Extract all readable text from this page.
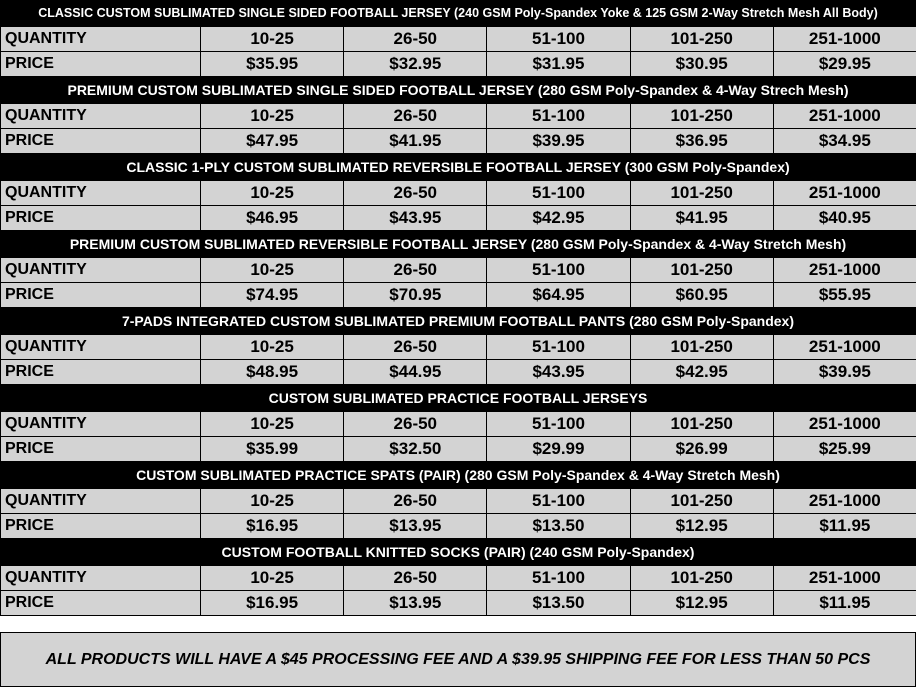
CLASSIC CUSTOM SUBLIMATED SINGLE SIDED FOOTBALL JERSEY (240 GSM Poly-Spandex Yoke & 125 GSM 2-Way Stretch Mesh All Body)
QUANTITY	10-25	26-50	51-100	101-250	251-1000
PRICE	$35.95	$32.95	$31.95	$30.95	$29.95
PREMIUM CUSTOM SUBLIMATED SINGLE SIDED FOOTBALL JERSEY (280 GSM Poly-Spandex & 4-Way Strech Mesh)
QUANTITY	10-25	26-50	51-100	101-250	251-1000
PRICE	$47.95	$41.95	$39.95	$36.95	$34.95
CLASSIC 1-PLY CUSTOM SUBLIMATED REVERSIBLE FOOTBALL JERSEY (300 GSM Poly-Spandex)
QUANTITY	10-25	26-50	51-100	101-250	251-1000
PRICE	$46.95	$43.95	$42.95	$41.95	$40.95
PREMIUM CUSTOM SUBLIMATED REVERSIBLE FOOTBALL JERSEY (280 GSM Poly-Spandex & 4-Way Stretch Mesh)
QUANTITY	10-25	26-50	51-100	101-250	251-1000
PRICE	$74.95	$70.95	$64.95	$60.95	$55.95
7-PADS INTEGRATED CUSTOM SUBLIMATED PREMIUM FOOTBALL PANTS (280 GSM Poly-Spandex)
QUANTITY	10-25	26-50	51-100	101-250	251-1000
PRICE	$48.95	$44.95	$43.95	$42.95	$39.95
CUSTOM SUBLIMATED PRACTICE FOOTBALL JERSEYS
QUANTITY	10-25	26-50	51-100	101-250	251-1000
PRICE	$35.99	$32.50	$29.99	$26.99	$25.99
CUSTOM SUBLIMATED PRACTICE SPATS (PAIR) (280 GSM Poly-Spandex & 4-Way Stretch Mesh)
QUANTITY	10-25	26-50	51-100	101-250	251-1000
PRICE	$16.95	$13.95	$13.50	$12.95	$11.95
CUSTOM FOOTBALL KNITTED SOCKS (PAIR) (240 GSM Poly-Spandex)
QUANTITY	10-25	26-50	51-100	101-250	251-1000
PRICE	$16.95	$13.95	$13.50	$12.95	$11.95
ALL PRODUCTS WILL HAVE A $45 PROCESSING FEE AND A $39.95 SHIPPING FEE FOR LESS THAN 50 PCS
